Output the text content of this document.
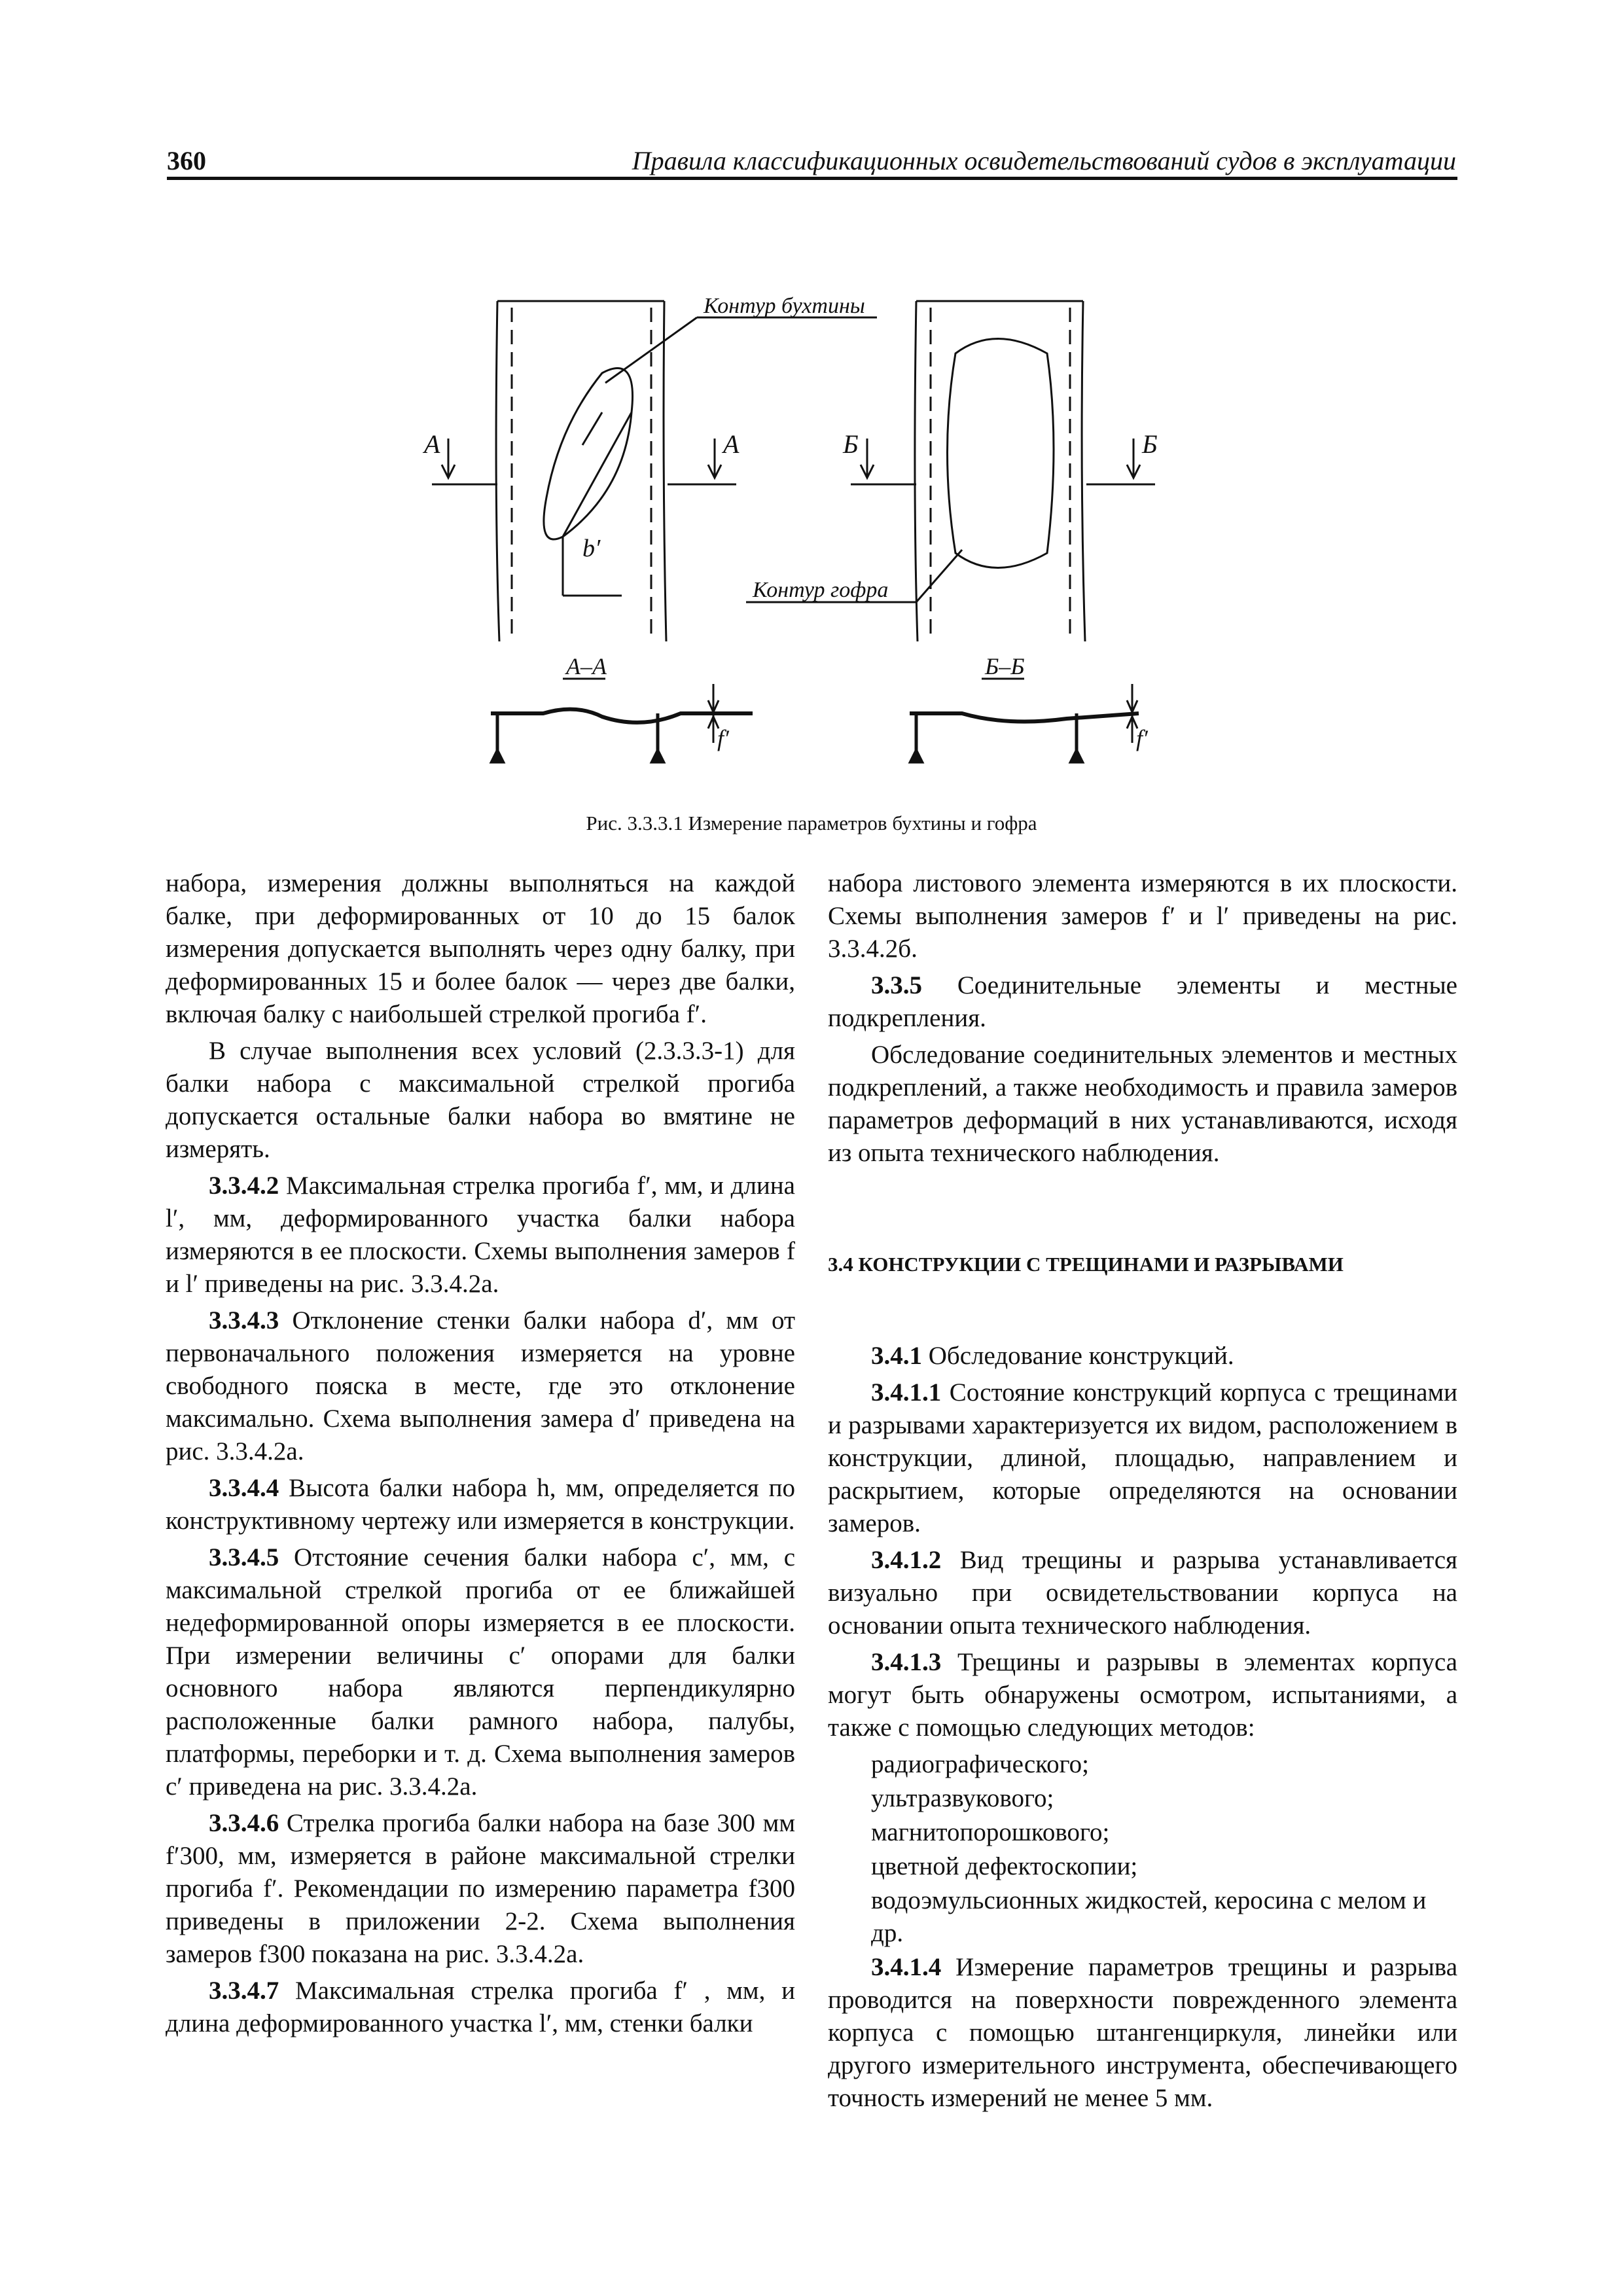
360	Правила классификационных освидетельствований судов в эксплуатации
А	А
b′
Контур бухтины
Б	Б
Контур гофра
А–А
f′
Б–Б
f′
Рис. 3.3.3.1 Измерение параметров бухтины и гофра

набора, измерения должны выполняться на каждой балке, при деформированных от 10 до 15 балок измерения допускается выполнять через одну балку, при деформированных 15 и более балок — через две балки, включая балку с наибольшей стрелкой прогиба f′.

В случае выполнения всех условий (2.3.3.3-1) для балки набора с максимальной стрелкой прогиба допускается остальные балки набора во вмятине не измерять.

3.3.4.2 Максимальная стрелка прогиба f′, мм, и длина l′, мм, деформированного участка балки набора измеряются в ее плоскости. Схемы выполнения замеров f и l′ приведены на рис. 3.3.4.2а.

3.3.4.3 Отклонение стенки балки набора d′, мм от первоначального положения измеряется на уровне свободного пояска в месте, где это отклонение максимально. Схема выполнения замера d′ приведена на рис. 3.3.4.2а.

3.3.4.4 Высота балки набора h, мм, определяется по конструктивному чертежу или измеряется в конструкции.

3.3.4.5 Отстояние сечения балки набора c′, мм, с максимальной стрелкой прогиба от ее ближайшей недеформированной опоры измеряется в ее плоскости. При измерении величины c′ опорами для балки основного набора являются перпендикулярно расположенные балки рамного набора, палубы, платформы, переборки и т. д. Схема выполнения замеров c′ приведена на рис. 3.3.4.2а.

3.3.4.6 Стрелка прогиба балки набора на базе 300 мм f′300, мм, измеряется в районе максимальной стрелки прогиба f′. Рекомендации по измерению параметра f300 приведены в приложении 2-2. Схема выполнения замеров f300 показана на рис. 3.3.4.2а.

3.3.4.7 Максимальная стрелка прогиба f′ , мм, и длина деформированного участка l′, мм, стенки балки

набора листового элемента измеряются в их плоскости. Схемы выполнения замеров f′ и l′ приведены на рис. 3.3.4.2б.

3.3.5 Соединительные элементы и местные подкрепления.

Обследование соединительных элементов и местных подкреплений, а также необходимость и правила замеров параметров деформаций в них устанавливаются, исходя из опыта технического наблюдения.

3.4 КОНСТРУКЦИИ С ТРЕЩИНАМИ И РАЗРЫВАМИ

3.4.1 Обследование конструкций.

3.4.1.1 Состояние конструкций корпуса с трещинами и разрывами характеризуется их видом, расположением в конструкции, длиной, площадью, направлением и раскрытием, которые определяются на основании замеров.

3.4.1.2 Вид трещины и разрыва устанавливается визуально при освидетельствовании корпуса на основании опыта технического наблюдения.

3.4.1.3 Трещины и разрывы в элементах корпуса могут быть обнаружены осмотром, испытаниями, а также с помощью следующих методов:

радиографического;

ультразвукового;

магнитопорошкового;

цветной дефектоскопии;

водоэмульсионных жидкостей, керосина с мелом и др.

3.4.1.4 Измерение параметров трещины и разрыва проводится на поверхности поврежденного элемента корпуса с помощью штангенциркуля, линейки или другого измерительного инструмента, обеспечивающего точность измерений не менее 5 мм.
